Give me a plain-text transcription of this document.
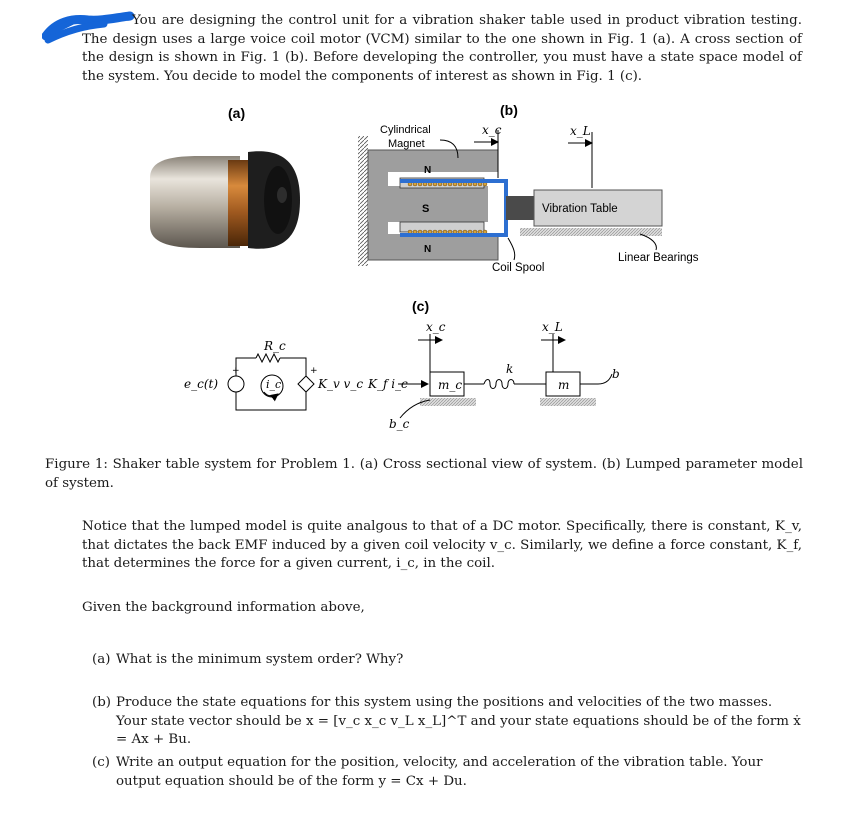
You are designing the control unit for a vibration shaker table used in product vibration testing. The design uses a large voice coil motor (VCM) similar to the one shown in Fig. 1 (a). A cross section of the design is shown in Fig. 1 (b). Before developing the controller, you must have a state space model of the system. You decide to model the components of interest as shown in Fig. 1 (c).
(a)	(b)
N
S
N
Vibration Table
Cylindrical
Magnet
Coil Spool
Linear Bearings
x_c	x_L
(c)
R_c
e_c(t)	i_c	K_v v_c
+	+
K_f i_c	m_c
k
m
b
b_c
x_c	x_L
Figure 1: Shaker table system for Problem 1. (a) Cross sectional view of system. (b) Lumped parameter model of system.
Notice that the lumped model is quite analgous to that of a DC motor. Specifically, there is constant, K_v, that dictates the back EMF induced by a given coil velocity v_c. Similarly, we define a force constant, K_f, that determines the force for a given current, i_c, in the coil.
Given the background information above,
(a) What is the minimum system order? Why?
(b) Produce the state equations for this system using the positions and velocities of the two masses. Your state vector should be x = [v_c x_c v_L x_L]^T and your state equations should be of the form ẋ = Ax + Bu.
(c) Write an output equation for the position, velocity, and acceleration of the vibration table. Your output equation should be of the form y = Cx + Du.
